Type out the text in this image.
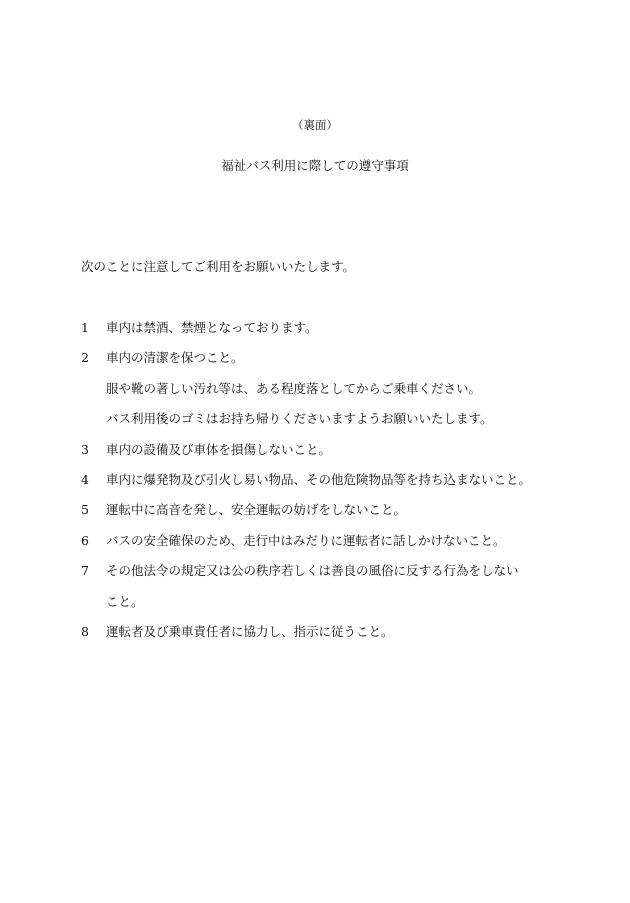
（裏面）
福祉バス利用に際しての遵守事項
次のことに注意してご利用をお願いいたします。
1	車内は禁酒、禁煙となっております。
2	車内の清潔を保つこと。
服や靴の著しい汚れ等は、ある程度落としてからご乗車ください。
バス利用後のゴミはお持ち帰りくださいますようお願いいたします。
3	車内の設備及び車体を損傷しないこと。
4	車内に爆発物及び引火し易い物品、その他危険物品等を持ち込まないこと。
5	運転中に高音を発し、安全運転の妨げをしないこと。
6	バスの安全確保のため、走行中はみだりに運転者に話しかけないこと。
7	その他法令の規定又は公の秩序若しくは善良の風俗に反する行為をしない
こと。
8	運転者及び乗車責任者に協力し、指示に従うこと。
